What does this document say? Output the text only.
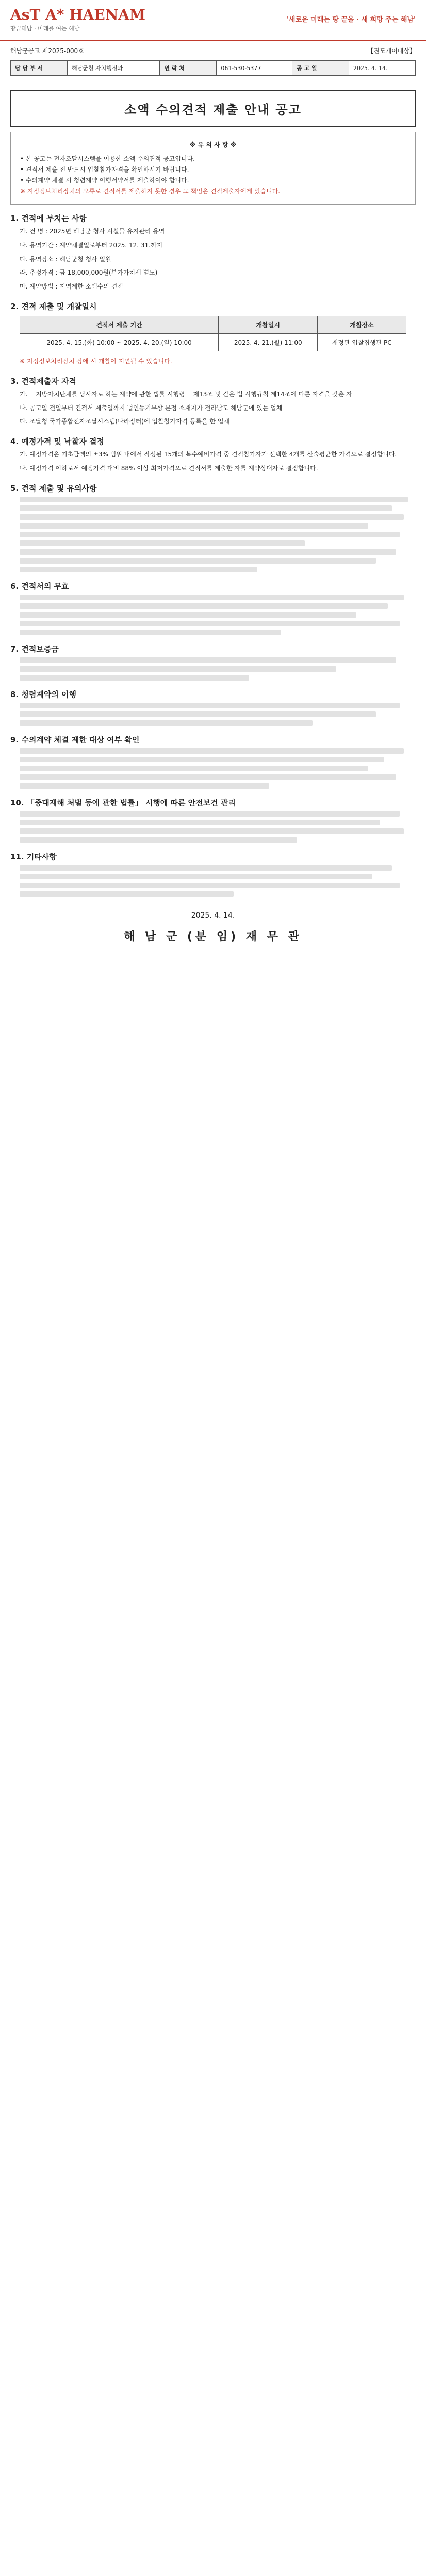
AsT A* HAENAM
땅끝해남 · 미래를 여는 해남
'새로운 미래는 땅 끝을 · 새 희망 주는 해남'
해남군공고 제2025-000호	【진도개어대상】
담 당 부 서	해남군청 자치행정과	연 락 처	061-530-5377	공 고 일	2025. 4. 14.
소액 수의견적 제출 안내 공고
※ 유 의 사 항 ※
• 본 공고는 전자조달시스템을 이용한 소액 수의견적 공고입니다.
• 견적서 제출 전 반드시 입찰참가자격을 확인하시기 바랍니다.
• 수의계약 체결 시 청렴계약 이행서약서를 제출하여야 합니다.
※ 지정정보처리장치의 오류로 견적서를 제출하지 못한 경우 그 책임은 견적제출자에게 있습니다.
1. 견적에 부치는 사항
가. 건 명 : 2025년 해남군 청사 시설물 유지관리 용역
나. 용역기간 : 계약체결일로부터 2025. 12. 31.까지
다. 용역장소 : 해남군청 청사 일원
라. 추정가격 : 금 18,000,000원(부가가치세 별도)
마. 계약방법 : 지역제한 소액수의 견적
2. 견적 제출 및 개찰일시
견적서 제출 기간	개찰일시	개찰장소
2025. 4. 15.(화) 10:00 ~ 2025. 4. 20.(일) 10:00	2025. 4. 21.(월) 11:00	재정관 입찰집행관 PC
※ 지정정보처리장치 장애 시 개찰이 지연될 수 있습니다.
3. 견적제출자 자격
가. 「지방자치단체를 당사자로 하는 계약에 관한 법률 시행령」 제13조 및 같은 법 시행규칙 제14조에 따른 자격을 갖춘 자
나. 공고일 전일부터 견적서 제출일까지 법인등기부상 본점 소재지가 전라남도 해남군에 있는 업체
다. 조달청 국가종합전자조달시스템(나라장터)에 입찰참가자격 등록을 한 업체
4. 예정가격 및 낙찰자 결정
가. 예정가격은 기초금액의 ±3% 범위 내에서 작성된 15개의 복수예비가격 중 견적참가자가 선택한 4개를 산술평균한 가격으로 결정합니다.
나. 예정가격 이하로서 예정가격 대비 88% 이상 최저가격으로 견적서를 제출한 자를 계약상대자로 결정합니다.
5. 견적 제출 및 유의사항
6. 견적서의 무효
7. 견적보증금
8. 청렴계약의 이행
9. 수의계약 체결 제한 대상 여부 확인
10. 「중대재해 처벌 등에 관한 법률」 시행에 따른 안전보건 관리
11. 기타사항
2025. 4. 14.
해 남 군 (분 임) 재 무 관
